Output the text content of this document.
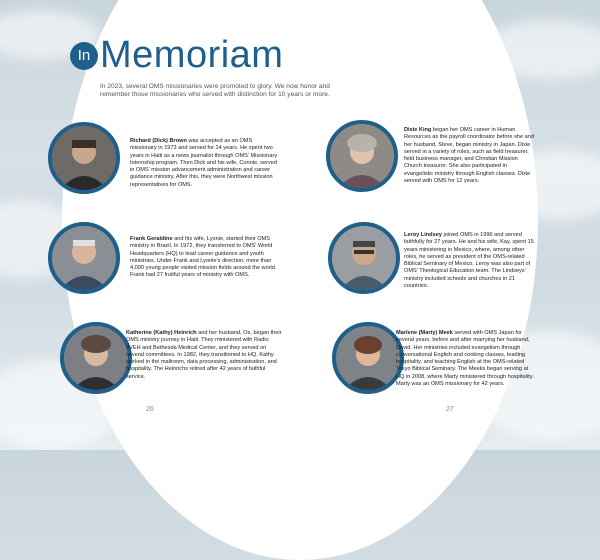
In Memoriam
In 2023, several OMS missionaries were promoted to glory. We now honor and remember those missionaries who served with distinction for 10 years or more.
Richard (Dick) Brown was accepted as an OMS missionary in 1973 and served for 14 years. He spent two years in Haiti as a news journalist through OMS' Missionary Internship program. Then Dick and his wife, Connie, served in OMS' mission advancement administration and career guidance ministry. After this, they were Northwest mission representatives for OMS.
Frank Geraldine and his wife, Lyonie, started their OMS ministry in Brazil. In 1972, they transferred to OMS' World Headquarters (HQ) to lead career guidance and youth ministries. Under Frank and Lyonie's direction, more than 4,000 young people visited mission fields around the world. Frank had 27 fruitful years of ministry with OMS.
Katherine (Kathy) Heinrich and her husband, Os, began their OMS ministry journey in Haiti. They ministered with Radio 4VEH and Bethesda Medical Center, and they served on several committees. In 1982, they transitioned to HQ. Kathy worked in the mailroom, data processing, administration, and hospitality. The Heinrichs retired after 42 years of faithful service.
Dixie King began her OMS career in Human Resources as the payroll coordinator before she and her husband, Steve, began ministry in Japan. Dixie served in a variety of roles, such as field treasurer, field business manager, and Christian Mission Church treasurer. She also participated in evangelistic ministry through English classes. Dixie served with OMS for 12 years.
Leroy Lindsey joined OMS in 1996 and served faithfully for 27 years. He and his wife, Kay, spent 15 years ministering in Mexico, where, among other roles, he served as president of the OMS-related Biblical Seminary of Mexico. Leroy was also part of OMS' Theological Education team. The Lindseys' ministry included schools and churches in 21 countries.
Marlene (Marty) Meek served with OMS Japan for several years, before and after marrying her husband, David. Her ministries included evangelism through conversational English and cooking classes, leading hospitality, and teaching English at the OMS-related Tokyo Biblical Seminary. The Meeks began serving at HQ in 2008, where Marty ministered through hospitality. Marty was an OMS missionary for 42 years.
26	27
